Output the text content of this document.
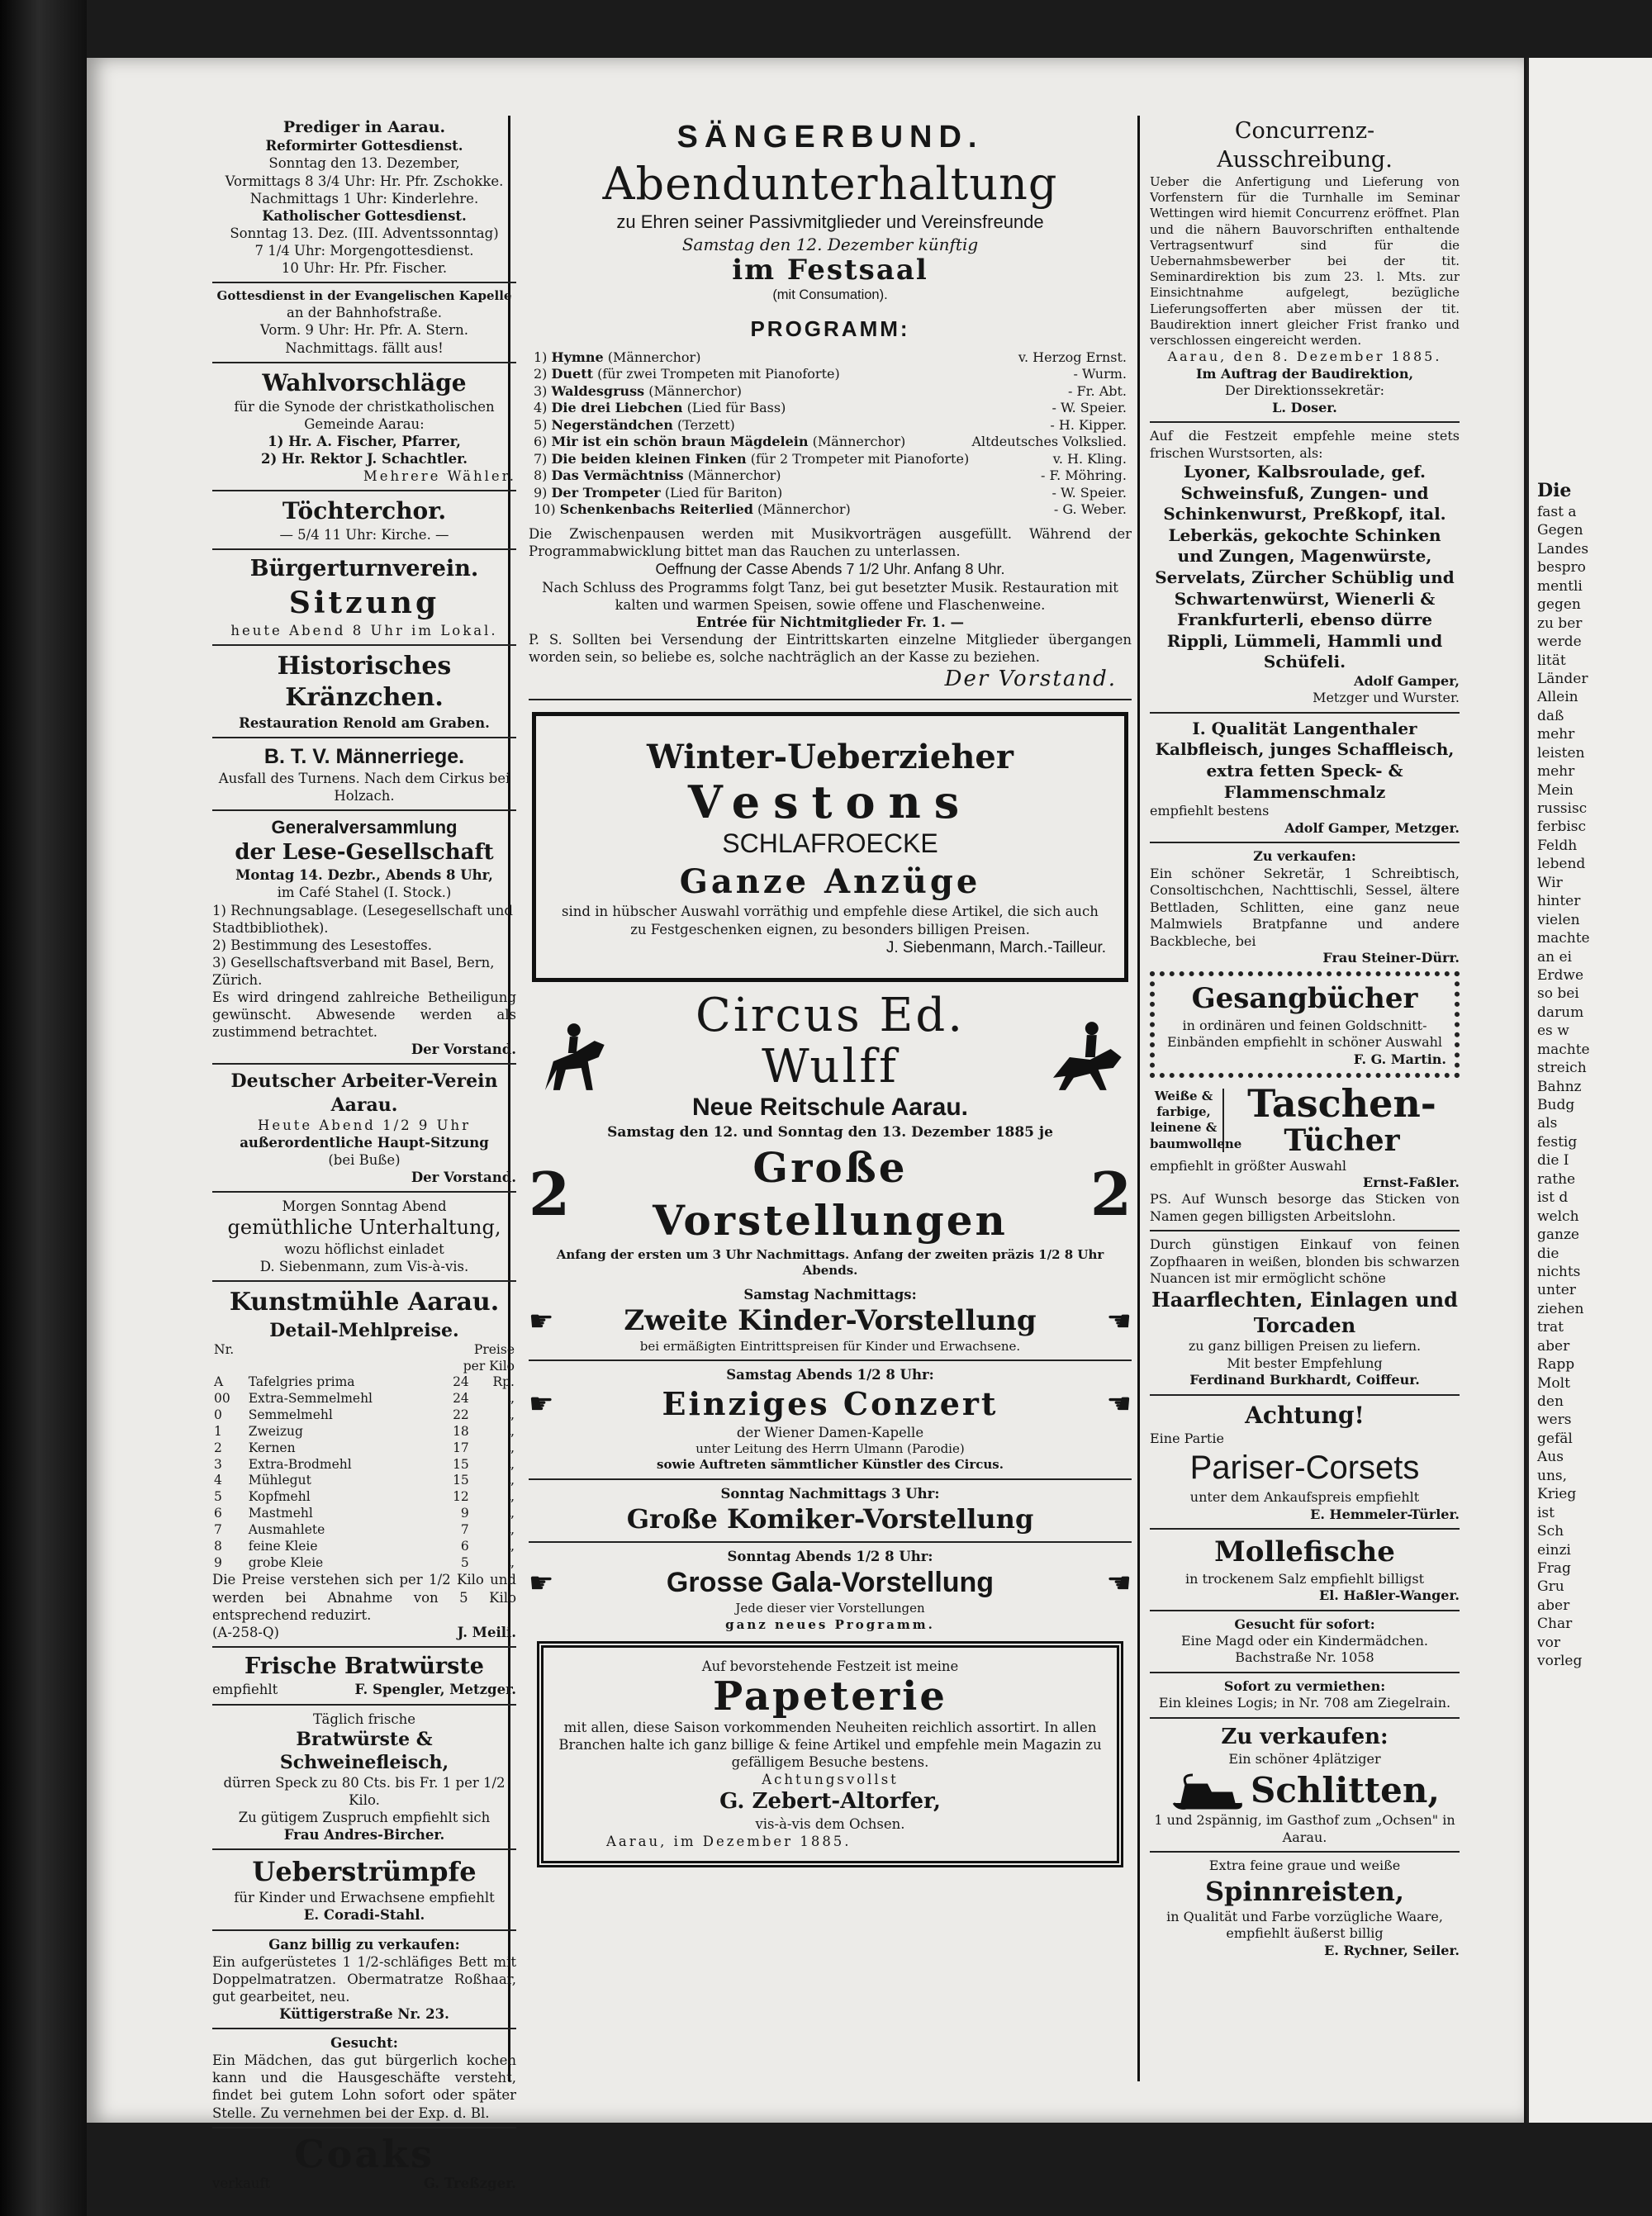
Prediger in Aarau.
Reformirter Gottesdienst.
Sonntag den 13. Dezember,
Vormittags 8 3/4 Uhr: Hr. Pfr. Zschokke.
Nachmittags 1 Uhr: Kinderlehre.
Katholischer Gottesdienst.
Sonntag 13. Dez. (III. Adventssonntag)
7 1/4 Uhr: Morgengottesdienst.
10 Uhr: Hr. Pfr. Fischer.
Gottesdienst in der Evangelischen Kapelle
an der Bahnhofstraße.
Vorm. 9 Uhr: Hr. Pfr. A. Stern.
Nachmittags. fällt aus!
Wahlvorschläge
für die Synode der christkatholischen Gemeinde Aarau:
1) Hr. A. Fischer, Pfarrer,
2) Hr. Rektor J. Schachtler.
Mehrere Wähler.
Töchterchor.
— 5/4 11 Uhr: Kirche. —
Bürgerturnverein.
Sitzung
heute Abend 8 Uhr im Lokal.
Historisches Kränzchen.
Restauration Renold am Graben.
B. T. V. Männerriege.
Ausfall des Turnens. Nach dem Cirkus bei Holzach.
Generalversammlung
der Lese-Gesellschaft
Montag 14. Dezbr., Abends 8 Uhr,
im Café Stahel (I. Stock.)
1) Rechnungsablage. (Lesegesellschaft und Stadtbibliothek).
2) Bestimmung des Lesestoffes.
3) Gesellschaftsverband mit Basel, Bern, Zürich.
Es wird dringend zahlreiche Betheiligung gewünscht. Abwesende werden als zustimmend betrachtet.
Der Vorstand.
Deutscher Arbeiter-Verein Aarau.
Heute Abend 1/2 9 Uhr
außerordentliche Haupt-Sitzung
(bei Buße)
Der Vorstand.
Morgen Sonntag Abend
gemüthliche Unterhaltung,
wozu höflichst einladet
D. Siebenmann, zum Vis-à-vis.
Kunstmühle Aarau.
Detail-Mehlpreise.
Nr.		Preise	
		per Kilo	
A	Tafelgries prima	24	Rp.
00	Extra-Semmelmehl	24	„
0	Semmelmehl	22	„
1	Zweizug	18	„
2	Kernen	17	„
3	Extra-Brodmehl	15	„
4	Mühlegut	15	„
5	Kopfmehl	12	„
6	Mastmehl	9	„
7	Ausmahlete	7	„
8	feine Kleie	6	„
9	grobe Kleie	5	„
Die Preise verstehen sich per 1/2 Kilo und werden bei Abnahme von 5 Kilo entsprechend reduzirt.
(A-258-Q)	J. Meili.
Frische Bratwürste
empfiehlt	F. Spengler, Metzger.
Täglich frische
Bratwürste & Schweinefleisch,
dürren Speck zu 80 Cts. bis Fr. 1 per 1/2 Kilo.
Zu gütigem Zuspruch empfiehlt sich
Frau Andres-Bircher.
Ueberstrümpfe
für Kinder und Erwachsene empfiehlt
E. Coradi-Stahl.
Ganz billig zu verkaufen:
Ein aufgerüstetes 1 1/2-schläfiges Bett mit Doppelmatratzen. Obermatratze Roßhaar, gut gearbeitet, neu.
Küttigerstraße Nr. 23.
Gesucht:
Ein Mädchen, das gut bürgerlich kochen kann und die Hausgeschäfte versteht, findet bei gutem Lohn sofort oder später Stelle. Zu vernehmen bei der Exp. d. Bl.
Coaks
verkauft	G. Treßzger.
SÄNGERBUND.
Abendunterhaltung
zu Ehren seiner Passivmitglieder und Vereinsfreunde
Samstag den 12. Dezember künftig
im Festsaal
(mit Consumation).
PROGRAMM:
1) Hymne (Männerchor)	v. Herzog Ernst.
2) Duett (für zwei Trompeten mit Pianoforte)	- Wurm.
3) Waldesgruss (Männerchor)	- Fr. Abt.
4) Die drei Liebchen (Lied für Bass)	- W. Speier.
5) Negerständchen (Terzett)	- H. Kipper.
6) Mir ist ein schön braun Mägdelein (Männerchor)	Altdeutsches Volkslied.
7) Die beiden kleinen Finken (für 2 Trompeter mit Pianoforte)	v. H. Kling.
8) Das Vermächtniss (Männerchor)	- F. Möhring.
9) Der Trompeter (Lied für Bariton)	- W. Speier.
10) Schenkenbachs Reiterlied (Männerchor)	- G. Weber.
Die Zwischenpausen werden mit Musikvorträgen ausgefüllt. Während der Programmabwicklung bittet man das Rauchen zu unterlassen.
Oeffnung der Casse Abends 7 1/2 Uhr. Anfang 8 Uhr.
Nach Schluss des Programms folgt Tanz, bei gut besetzter Musik. Restauration mit kalten und warmen Speisen, sowie offene und Flaschenweine.
Entrée für Nichtmitglieder Fr. 1. —
P. S. Sollten bei Versendung der Eintrittskarten einzelne Mitglieder übergangen worden sein, so beliebe es, solche nachträglich an der Kasse zu beziehen.
Der Vorstand.
Winter-Ueberzieher
Vestons
SCHLAFROECKE
Ganze Anzüge
sind in hübscher Auswahl vorräthig und empfehle diese Artikel, die sich auch zu Festgeschenken eignen, zu besonders billigen Preisen.
J. Siebenmann, March.-Tailleur.
Circus Ed. Wulff
Neue Reitschule Aarau.
Samstag den 12. und Sonntag den 13. Dezember 1885 je
2	Große Vorstellungen	2
Anfang der ersten um 3 Uhr Nachmittags. Anfang der zweiten präzis 1/2 8 Uhr Abends.
Samstag Nachmittags:
☛ Zweite Kinder-Vorstellung ☚
bei ermäßigten Eintrittspreisen für Kinder und Erwachsene.
Samstag Abends 1/2 8 Uhr:
☛	Einziges Conzert	☚
der Wiener Damen-Kapelle
unter Leitung des Herrn Ulmann (Parodie)
sowie Auftreten sämmtlicher Künstler des Circus.
Sonntag Nachmittags 3 Uhr:
Große Komiker-Vorstellung
Sonntag Abends 1/2 8 Uhr:
☛	Grosse Gala-Vorstellung	☚
Jede dieser vier Vorstellungen
ganz neues Programm.
Auf bevorstehende Festzeit ist meine
Papeterie
mit allen, diese Saison vorkommenden Neuheiten reichlich assortirt. In allen Branchen halte ich ganz billige & feine Artikel und empfehle mein Magazin zu gefälligem Besuche bestens.
Achtungsvollst
G. Zebert-Altorfer,
vis-à-vis dem Ochsen.
Aarau, im Dezember 1885.
Concurrenz-Ausschreibung.
Ueber die Anfertigung und Lieferung von Vorfenstern für die Turnhalle im Seminar Wettingen wird hiemit Concurrenz eröffnet. Plan und die nähern Bauvorschriften enthaltende Vertragsentwurf sind für die Uebernahmsbewerber bei der tit. Seminardirektion bis zum 23. l. Mts. zur Einsichtnahme aufgelegt, bezügliche Lieferungsofferten aber müssen der tit. Baudirektion innert gleicher Frist franko und verschlossen eingereicht werden.
Aarau, den 8. Dezember 1885.
Im Auftrag der Baudirektion,
Der Direktionssekretär:
L. Doser.
Auf die Festzeit empfehle meine stets frischen Wurstsorten, als:
Lyoner, Kalbsroulade, gef. Schweinsfuß, Zungen- und Schinkenwurst, Preßkopf, ital. Leberkäs, gekochte Schinken und Zungen, Magenwürste, Servelats, Zürcher Schüblig und Schwartenwürst, Wienerli & Frankfurterli, ebenso dürre Rippli, Lümmeli, Hammli und Schüfeli.
Adolf Gamper,
Metzger und Wurster.
I. Qualität Langenthaler Kalbfleisch, junges Schaffleisch, extra fetten Speck- & Flammenschmalz
empfiehlt bestens
Adolf Gamper, Metzger.
Zu verkaufen:
Ein schöner Sekretär, 1 Schreibtisch, Consoltischchen, Nachttischli, Sessel, ältere Bettladen, Schlitten, eine ganz neue Malmwiels Bratpfanne und andere Backbleche, bei
Frau Steiner-Dürr.
Gesangbücher
in ordinären und feinen Goldschnitt-Einbänden empfiehlt in schöner Auswahl
F. G. Martin.
Weiße & farbige, leinene & baumwollene
Taschen-
Tücher
empfiehlt in größter Auswahl
Ernst-Faßler.
PS. Auf Wunsch besorge das Sticken von Namen gegen billigsten Arbeitslohn.
Durch günstigen Einkauf von feinen Zopfhaaren in weißen, blonden bis schwarzen Nuancen ist mir ermöglicht schöne
Haarflechten, Einlagen und Torcaden
zu ganz billigen Preisen zu liefern.
Mit bester Empfehlung
Ferdinand Burkhardt, Coiffeur.
Achtung!
Eine Partie
Pariser-Corsets
unter dem Ankaufspreis empfiehlt
E. Hemmeler-Türler.
Mollefische
in trockenem Salz empfiehlt billigst
El. Haßler-Wanger.
Gesucht für sofort:
Eine Magd oder ein Kindermädchen. Bachstraße Nr. 1058
Sofort zu vermiethen:
Ein kleines Logis; in Nr. 708 am Ziegelrain.
Zu verkaufen:
Ein schöner 4plätziger
Schlitten,
1 und 2spännig, im Gasthof zum „Ochsen" in Aarau.
Extra feine graue und weiße
Spinnreisten,
in Qualität und Farbe vorzügliche Waare, empfiehlt äußerst billig
E. Rychner, Seiler.

Die

fast a

Gegen

Landes

bespro

mentli

gegen

zu ber

werde

lität

Länder

Allein

daß

mehr

leisten

mehr

Mein

russisc

ferbisc

Feldh

lebend

Wir

hinter

vielen

machte

an ei

Erdwe

so bei

darum

es w

machte

streich

Bahnz

Budg

als

festig

die I

rathe

ist d

welch

ganze

die

nichts

unter

ziehen

trat

aber

Rapp

Molt

den

wers

gefäl

Aus

uns,

Krieg

ist

Sch

einzi

Frag

Gru

aber

Char

vor

vorleg
